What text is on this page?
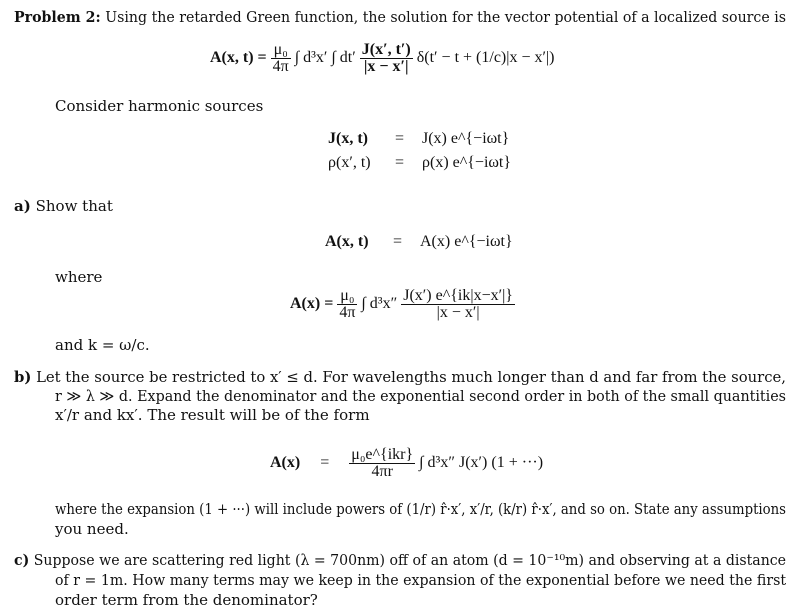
Problem 2: Using the retarded Green function, the solution for the vector potential of a localized source is
A(x, $t) = \frac{\text{μ₀}}{4\pi}$ ∫ d³x′ ∫ $dt' \frac{J(x', t')}{|x - x'|} \delta(t' - t + (1/c)|x - x'|)$
Consider harmonic sources
J(x, t) = J(x) e^{−iωt}
ρ(x′, t) = ρ(x) e^{−iωt}
a) Show that
A(x, t) = A(x) e^{−iωt}
where
$A(x) = \frac{\text{μ₀}}{4\pi}$ ∫ $d^3x'' \frac{J(x') e\^{}\{ik|x-x'|\}}{|x - x'|}$
and k = ω/c.
b) Let the source be restricted to x′ ≤ d. For wavelengths much longer than d and far from the source,
r ≫ λ ≫ d. Expand the denominator and the exponential second order in both of the small quantities
x′/r and kx′. The result will be of the form
$A(x) = \frac{\text{μ₀e\textasciicircum{}\{ikr\}}}{4\pi r}$ ∫ d³x″ J(x′) (1 + ···)
where the expansion (1 + ···) will include powers of (1/r) r̂·x′, x′/r, (k/r) r̂·x′, and so on. State any assumptions
you need.
c) Suppose we are scattering red light (λ = 700nm) off of an atom (d = 10⁻¹⁰m) and observing at a distance
of r = 1m. How many terms may we keep in the expansion of the exponential before we need the first
order term from the denominator?
